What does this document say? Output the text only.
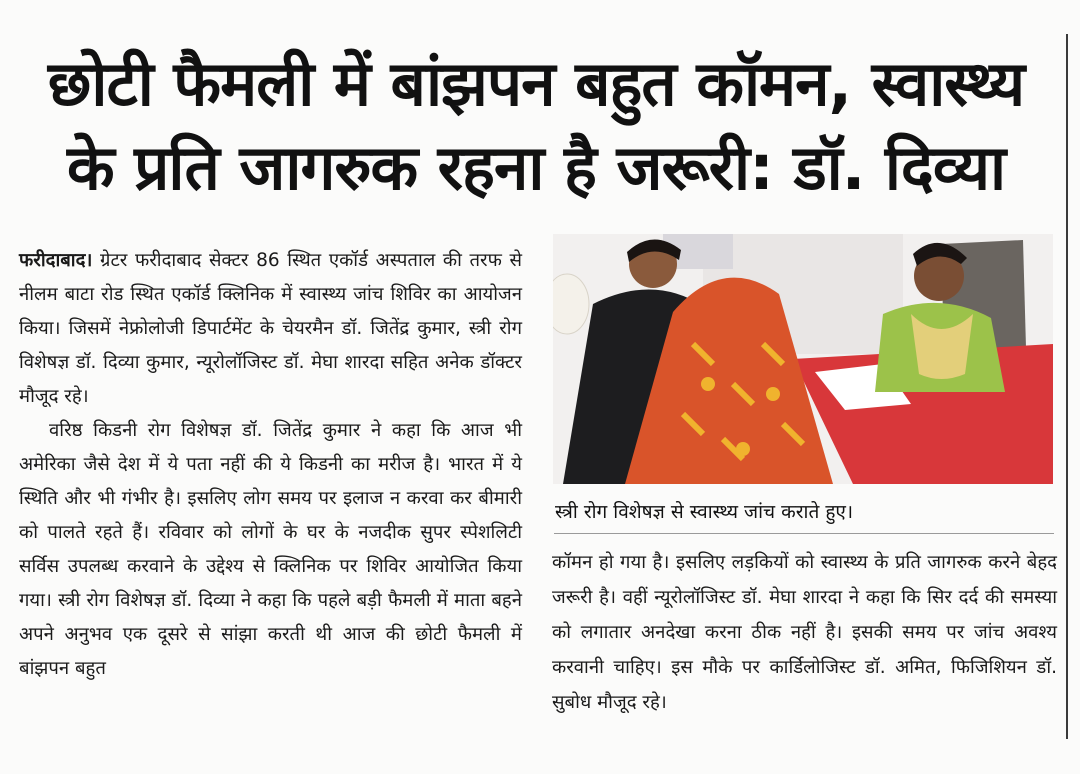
छोटी फैमली में बांझपन बहुत कॉमन, स्वास्थ्य
के प्रति जागरुक रहना है जरूरी: डॉ. दिव्या

फरीदाबाद। ग्रेटर फरीदाबाद सेक्टर 86 स्थित एकॉर्ड अस्पताल की तरफ से नीलम बाटा रोड स्थित एकॉर्ड क्लिनिक में स्वास्थ्य जांच शिविर का आयोजन किया। जिसमें नेफ्रोलोजी डिपार्टमेंट के चेयरमैन डॉ. जितेंद्र कुमार, स्त्री रोग विशेषज्ञ डॉ. दिव्या कुमार, न्यूरोलॉजिस्ट डॉ. मेघा शारदा सहित अनेक डॉक्टर मौजूद रहे।

वरिष्ठ किडनी रोग विशेषज्ञ डॉ. जितेंद्र कुमार ने कहा कि आज भी अमेरिका जैसे देश में ये पता नहीं की ये किडनी का मरीज है। भारत में ये स्थिति और भी गंभीर है। इसलिए लोग समय पर इलाज न करवा कर बीमारी को पालते रहते हैं। रविवार को लोगों के घर के नजदीक सुपर स्पेशलिटी सर्विस उपलब्ध करवाने के उद्देश्य से क्लिनिक पर शिविर आयोजित किया गया। स्त्री रोग विशेषज्ञ डॉ. दिव्या ने कहा कि पहले बड़ी फैमली में माता बहने अपने अनुभव एक दूसरे से सांझा करती थी आज की छोटी फैमली में बांझपन बहुत

स्त्री रोग विशेषज्ञ से स्वास्थ्य जांच कराते हुए।

कॉमन हो गया है। इसलिए लड़कियों को स्वास्थ्य के प्रति जागरुक करने बेहद जरूरी है। वहीं न्यूरोलॉजिस्ट डॉ. मेघा शारदा ने कहा कि सिर दर्द की समस्या को लगातार अनदेखा करना ठीक नहीं है। इसकी समय पर जांच अवश्य करवानी चाहिए। इस मौके पर कार्डिलोजिस्ट डॉ. अमित, फिजिशियन डॉ. सुबोध मौजूद रहे।
